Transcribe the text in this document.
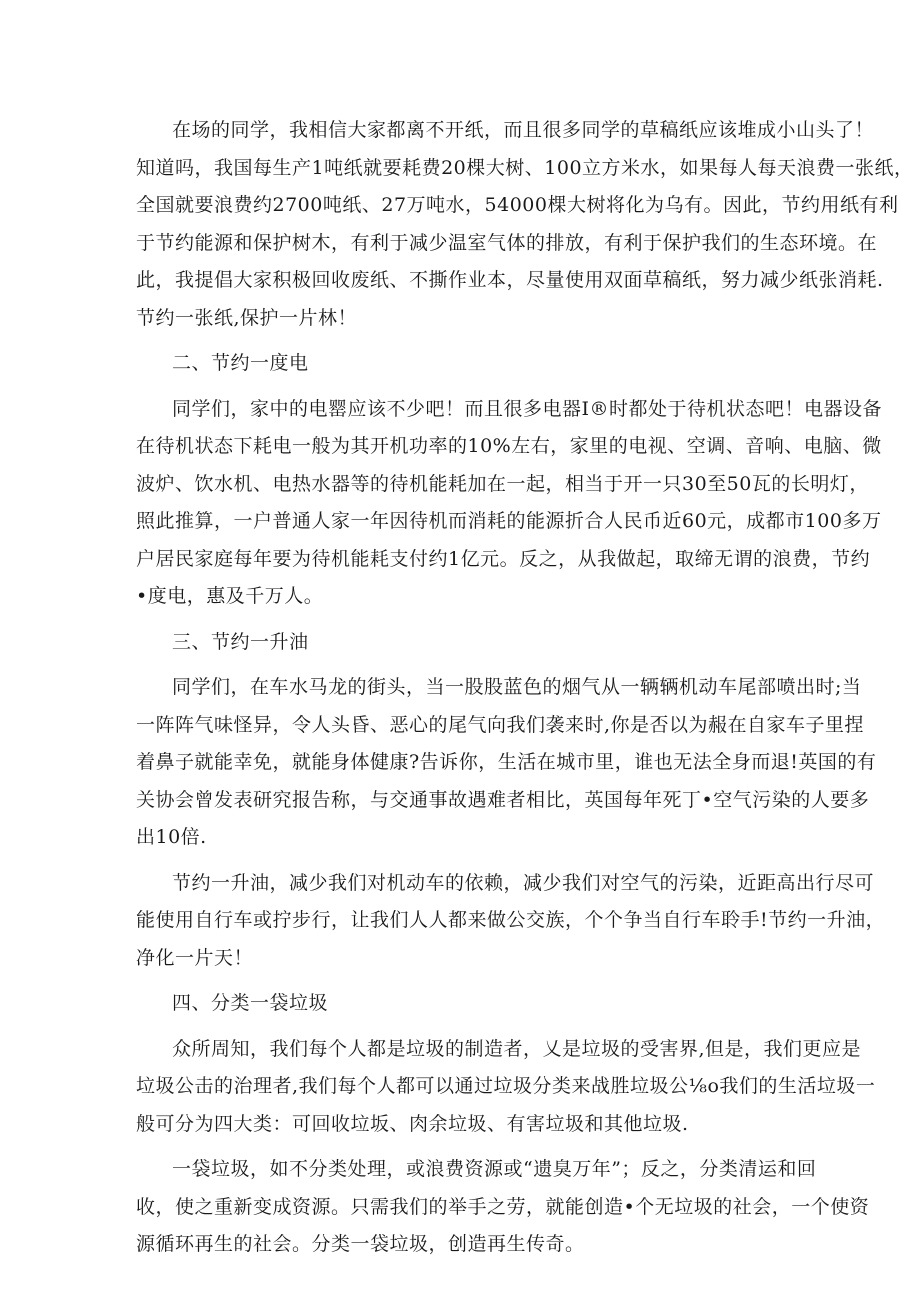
在场的同学，我相信大家都离不开纸，而且很多同学的草稿纸应该堆成小山头了！
知道吗，我国每生产1吨纸就要耗费20棵大树、100立方米水，如果每人每天浪费一张纸，
全国就要浪费约2700吨纸、27万吨水，54000棵大树将化为乌有。因此，节约用纸有利
于节约能源和保护树木，有利于减少温室气体的排放，有利于保护我们的生态环境。在
此，我提倡大家积极回收废纸、不撕作业本，尽量使用双面草稿纸，努力减少纸张消耗.
节约一张纸,保护一片林！
二、节约一度电
同学们，家中的电罂应该不少吧！而且很多电器I®时都处于待机状态吧！电器设备
在待机状态下耗电一般为其开机功率的10%左右，家里的电视、空调、音响、电脑、微
波炉、饮水机、电热水器等的待机能耗加在一起，相当于开一只30至50瓦的长明灯，
照此推算，一户普通人家一年因待机而消耗的能源折合人民币近60元，成都市100多万
户居民家庭每年要为待机能耗支付约1亿元。反之，从我做起，取缔无谓的浪费，节约
•度电，惠及千万人。
三、节约一升油
同学们，在车水马龙的街头，当一股股蓝色的烟气从一辆辆机动车尾部喷出时;当
一阵阵气味怪异，令人头昏、恶心的尾气向我们袭来时,你是否以为赧在自家车子里捏
着鼻子就能幸免，就能身体健康?告诉你，生活在城市里，谁也无法全身而退!英国的有
关协会曾发表研究报告称，与交通事故遇难者相比，英国每年死丁•空气污染的人要多
出10倍.
节约一升油，减少我们对机动车的依赖，减少我们对空气的污染，近距高出行尽可
能使用自行车或拧步行，让我们人人都来做公交族，个个争当自行车聆手!节约一升油，
净化一片天！
四、分类一袋垃圾
众所周知，我们每个人都是垃圾的制造者，乂是垃圾的受害界,但是，我们更应是
垃圾公击的治理者,我们每个人都可以通过垃圾分类来战胜垃圾公⅛o我们的生活垃圾一
般可分为四大类：可回收垃坂、肉余垃圾、有害垃圾和其他垃圾.
一袋垃圾，如不分类处理，或浪费资源或“遗臭万年”；反之，分类清运和回
收，使之重新变成资源。只需我们的举手之劳，就能创造•个无垃圾的社会，一个使资
源循环再生的社会。分类一袋垃圾，创造再生传奇。
